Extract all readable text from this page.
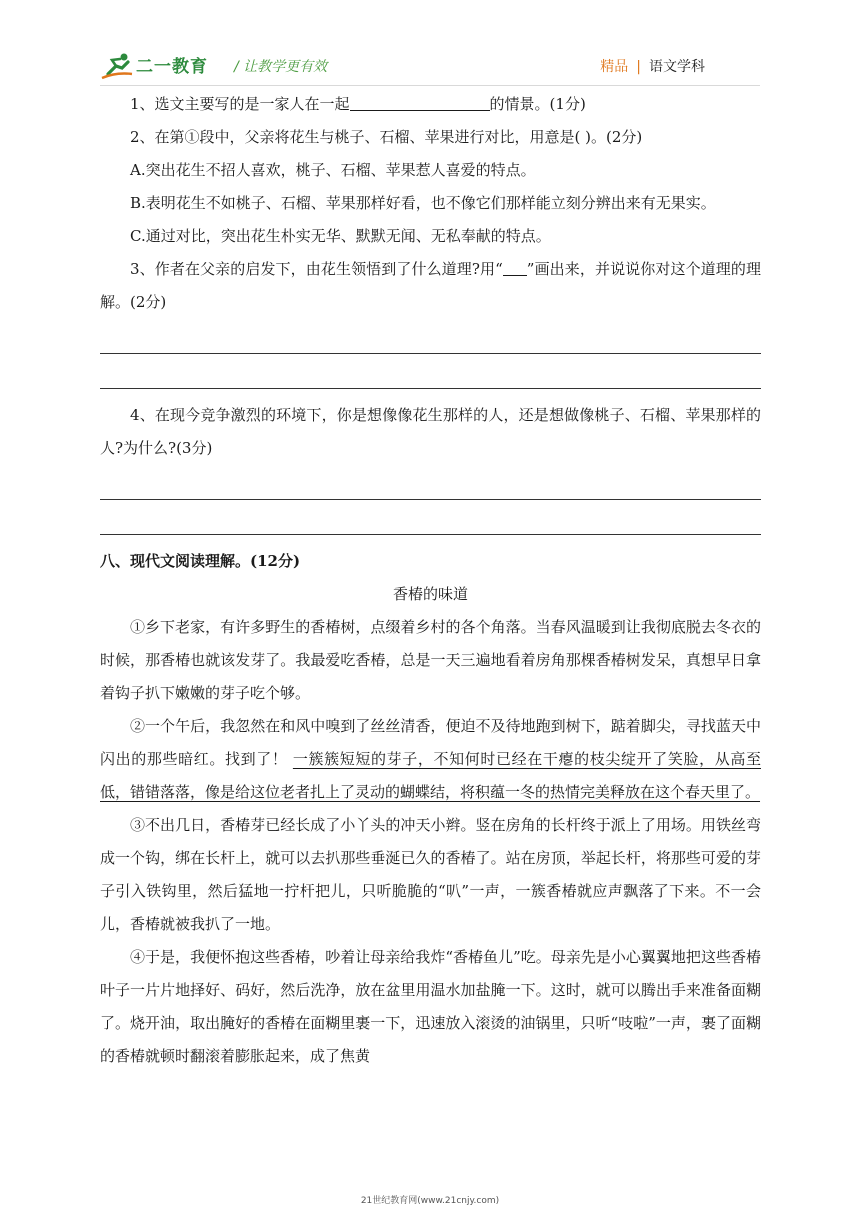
二一教育 / 让教学更有效	精品 | 语文学科

1、选文主要写的是一家人在一起	的情景。(1分)

2、在第①段中，父亲将花生与桃子、石榴、苹果进行对比，用意是( )。(2分)

A.突出花生不招人喜欢，桃子、石榴、苹果惹人喜爱的特点。

B.表明花生不如桃子、石榴、苹果那样好看，也不像它们那样能立刻分辨出来有无果实。

C.通过对比，突出花生朴实无华、默默无闻、无私奉献的特点。

3、作者在父亲的启发下，由花生领悟到了什么道理?用“ ”画出来，并说说你对这个道理的理解。(2分)

4、在现今竞争激烈的环境下，你是想像像花生那样的人，还是想做像桃子、石榴、苹果那样的人?为什么?(3分)

八、现代文阅读理解。(12分)
香椿的味道

①乡下老家，有许多野生的香椿树，点缀着乡村的各个角落。当春风温暖到让我彻底脱去冬衣的时候，那香椿也就该发芽了。我最爱吃香椿，总是一天三遍地看着房角那棵香椿树发呆，真想早日拿着钩子扒下嫩嫩的芽子吃个够。

②一个午后，我忽然在和风中嗅到了丝丝清香，便迫不及待地跑到树下，踮着脚尖，寻找蓝天中闪出的那些暗红。找到了！ 一簇簇短短的芽子，不知何时已经在干瘪的枝尖绽开了笑脸，从高至低，错错落落，像是给这位老者扎上了灵动的蝴蝶结，将积蕴一冬的热情完美释放在这个春天里了。

③不出几日，香椿芽已经长成了小丫头的冲天小辫。竖在房角的长杆终于派上了用场。用铁丝弯成一个钩，绑在长杆上，就可以去扒那些垂涎已久的香椿了。站在房顶，举起长杆，将那些可爱的芽子引入铁钩里，然后猛地一拧杆把儿，只听脆脆的“叭”一声，一簇香椿就应声飘落了下来。不一会儿，香椿就被我扒了一地。

④于是，我便怀抱这些香椿，吵着让母亲给我炸“香椿鱼儿”吃。母亲先是小心翼翼地把这些香椿叶子一片片地择好、码好，然后洗净，放在盆里用温水加盐腌一下。这时，就可以腾出手来准备面糊了。烧开油，取出腌好的香椿在面糊里裹一下，迅速放入滚烫的油锅里，只听“吱啦”一声，裹了面糊的香椿就顿时翻滚着膨胀起来，成了焦黄

21世纪教育网(www.21cnjy.com)
